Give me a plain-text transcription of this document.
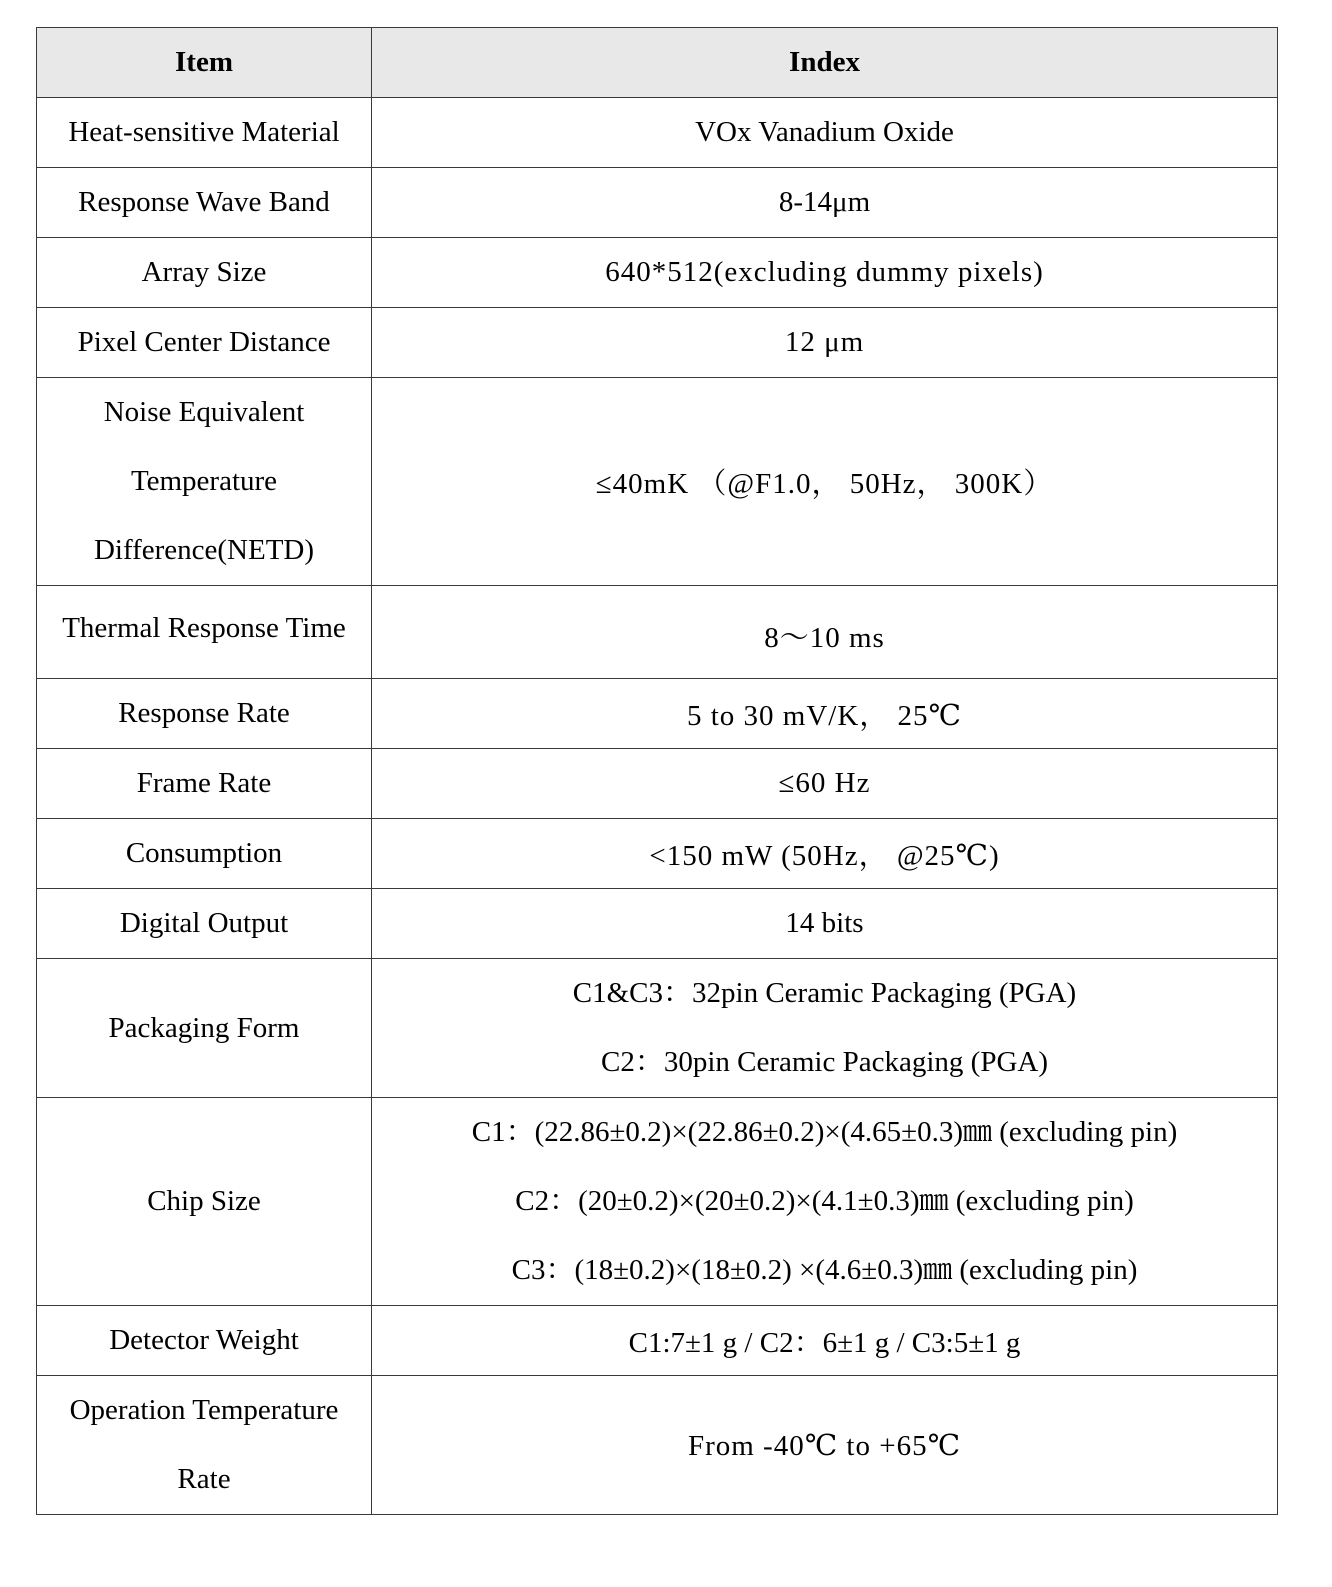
Item	Index
Heat-sensitive Material	VOx Vanadium Oxide
Response Wave Band	8-14μm
Array Size	640*512(excluding dummy pixels)
Pixel Center Distance	12 μm

Noise Equivalent
Temperature
Difference(NETD)	≤40mK （@F1.0， 50Hz， 300K）

Thermal Response Time	8～10 ms

Response Rate	5 to 30 mV/K， 25℃
Frame Rate	≤60 Hz
Consumption	<150 mW (50Hz， @25℃)
Digital Output	14 bits
Packaging Form	C1&C3：32pin Ceramic Packaging (PGA)
C2：30pin Ceramic Packaging (PGA)

Chip Size	C1：(22.86±0.2)×(22.86±0.2)×(4.65±0.3)㎜ (excluding pin)
C2：(20±0.2)×(20±0.2)×(4.1±0.3)㎜ (excluding pin)
C3：(18±0.2)×(18±0.2) ×(4.6±0.3)㎜ (excluding pin)

Detector Weight	C1:7±1 g / C2：6±1 g / C3:5±1 g

Operation Temperature
Rate	From -40℃ to +65℃
